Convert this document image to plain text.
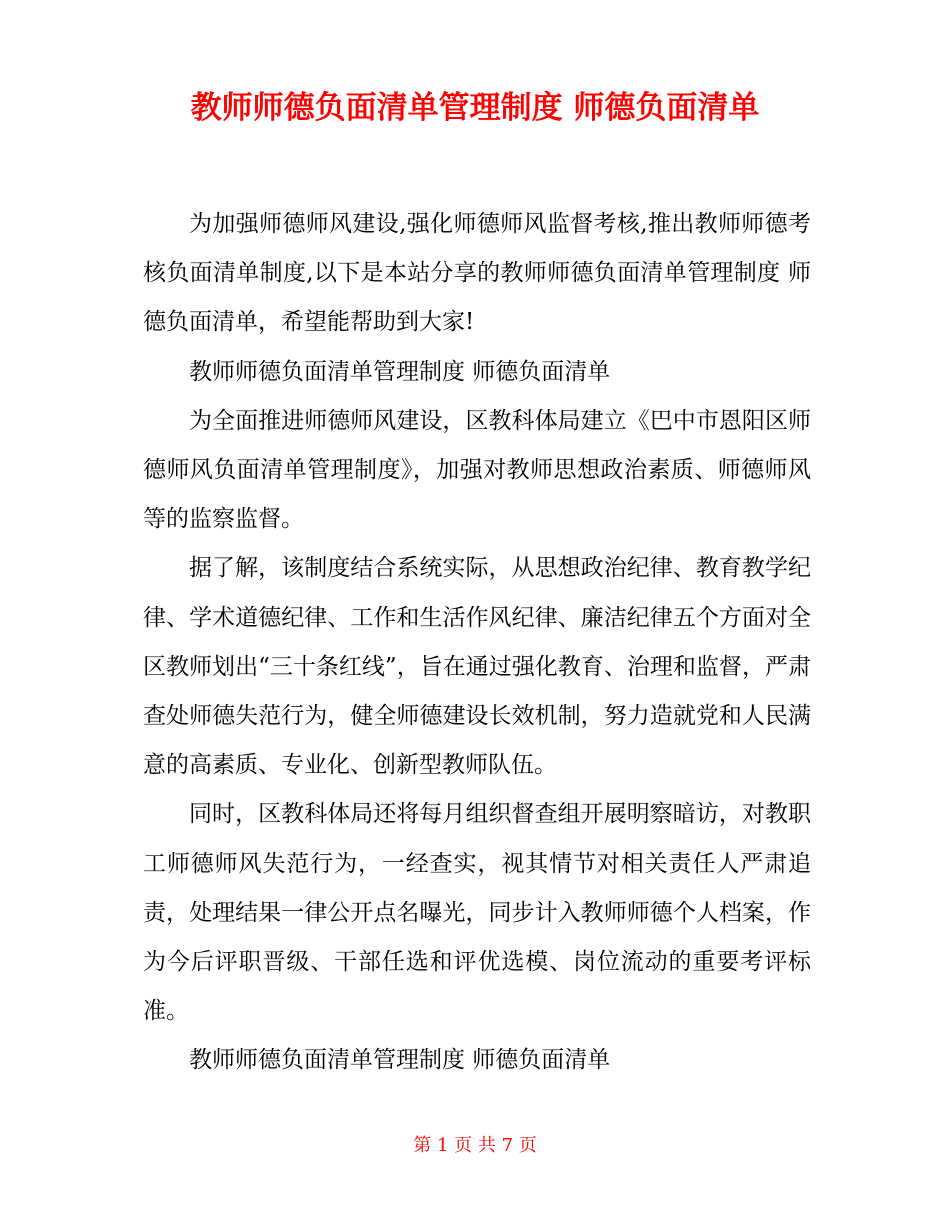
教师师德负面清单管理制度 师德负面清单

为加强师德师风建设,强化师德师风监督考核,推出教师师德考核负面清单制度,以下是本站分享的教师师德负面清单管理制度 师德负面清单，希望能帮助到大家!

教师师德负面清单管理制度 师德负面清单

为全面推进师德师风建设，区教科体局建立《巴中市恩阳区师德师风负面清单管理制度》，加强对教师思想政治素质、师德师风等的监察监督。

据了解，该制度结合系统实际，从思想政治纪律、教育教学纪律、学术道德纪律、工作和生活作风纪律、廉洁纪律五个方面对全区教师划出“三十条红线”，旨在通过强化教育、治理和监督，严肃查处师德失范行为，健全师德建设长效机制，努力造就党和人民满意的高素质、专业化、创新型教师队伍。

同时，区教科体局还将每月组织督查组开展明察暗访，对教职工师德师风失范行为，一经查实，视其情节对相关责任人严肃追责，处理结果一律公开点名曝光，同步计入教师师德个人档案，作为今后评职晋级、干部任选和评优选模、岗位流动的重要考评标准。

教师师德负面清单管理制度 师德负面清单

第 1 页 共 7 页
